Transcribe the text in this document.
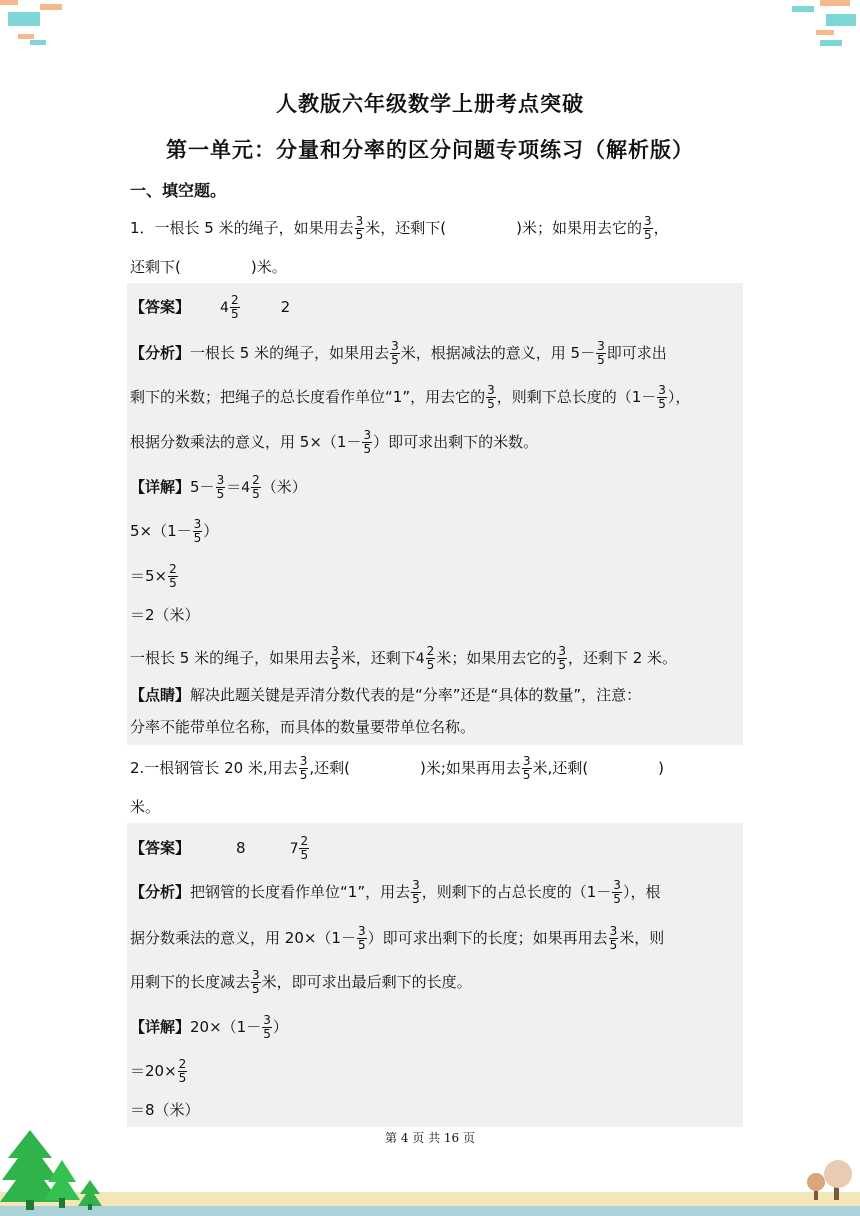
人教版六年级数学上册考点突破
第一单元：分量和分率的区分问题专项练习（解析版）
一、填空题。
1．一根长 5 米的绳子，如果用去 $\frac{3}{5}$ 米，还剩下(	)米；如果用去它的 $\frac{3}{5}$ ，
还剩下(	)米。
【答案】 $4 \frac{2}{5}$	2
【分析】一根长 5 米的绳子，如果用去 $\frac{3}{5}$ 米，根据减法的意义，用 $5- \frac{3}{5}$ 即可求出
剩下的米数；把绳子的总长度看作单位“1”，用去它的 $\frac{3}{5}$ ，则剩下总长度的（$1- \frac{3}{5}$ ），
根据分数乘法的意义，用 $5\times(1- \frac{3}{5}$ ）即可求出剩下的米数。
【详解】$5- \frac{3}{5} =4 \frac{2}{5}$ （米）
$5\times(1- \frac{3}{5}$ ）
$=5\times \frac{2}{5}$
＝2（米）
一根长 5 米的绳子，如果用去 $\frac{3}{5}$ 米，还剩下$4 \frac{2}{5}$ 米；如果用去它的 $\frac{3}{5}$ ，还剩下 2 米。
【点睛】解决此题关键是弄清分数代表的是“分率”还是“具体的数量”，注意：
分率不能带单位名称，而具体的数量要带单位名称。
2.一根钢管长 20 米,用去 $\frac{3}{5}$ ,还剩(	)米;如果再用去 $\frac{3}{5}$ 米,还剩(	)
米。
【答案】	8	$7 \frac{2}{5}$
【分析】把钢管的长度看作单位“1”，用去 $\frac{3}{5}$ ，则剩下的占总长度的（$1- \frac{3}{5}$ ），根
据分数乘法的意义，用 $20\times(1- \frac{3}{5}$ ）即可求出剩下的长度；如果再用去 $\frac{3}{5}$ 米，则
用剩下的长度减去 $\frac{3}{5}$ 米，即可求出最后剩下的长度。
【详解】$20\times(1- \frac{3}{5}$ ）
$=20\times \frac{2}{5}$
＝8（米）
第 4 页 共 16 页
